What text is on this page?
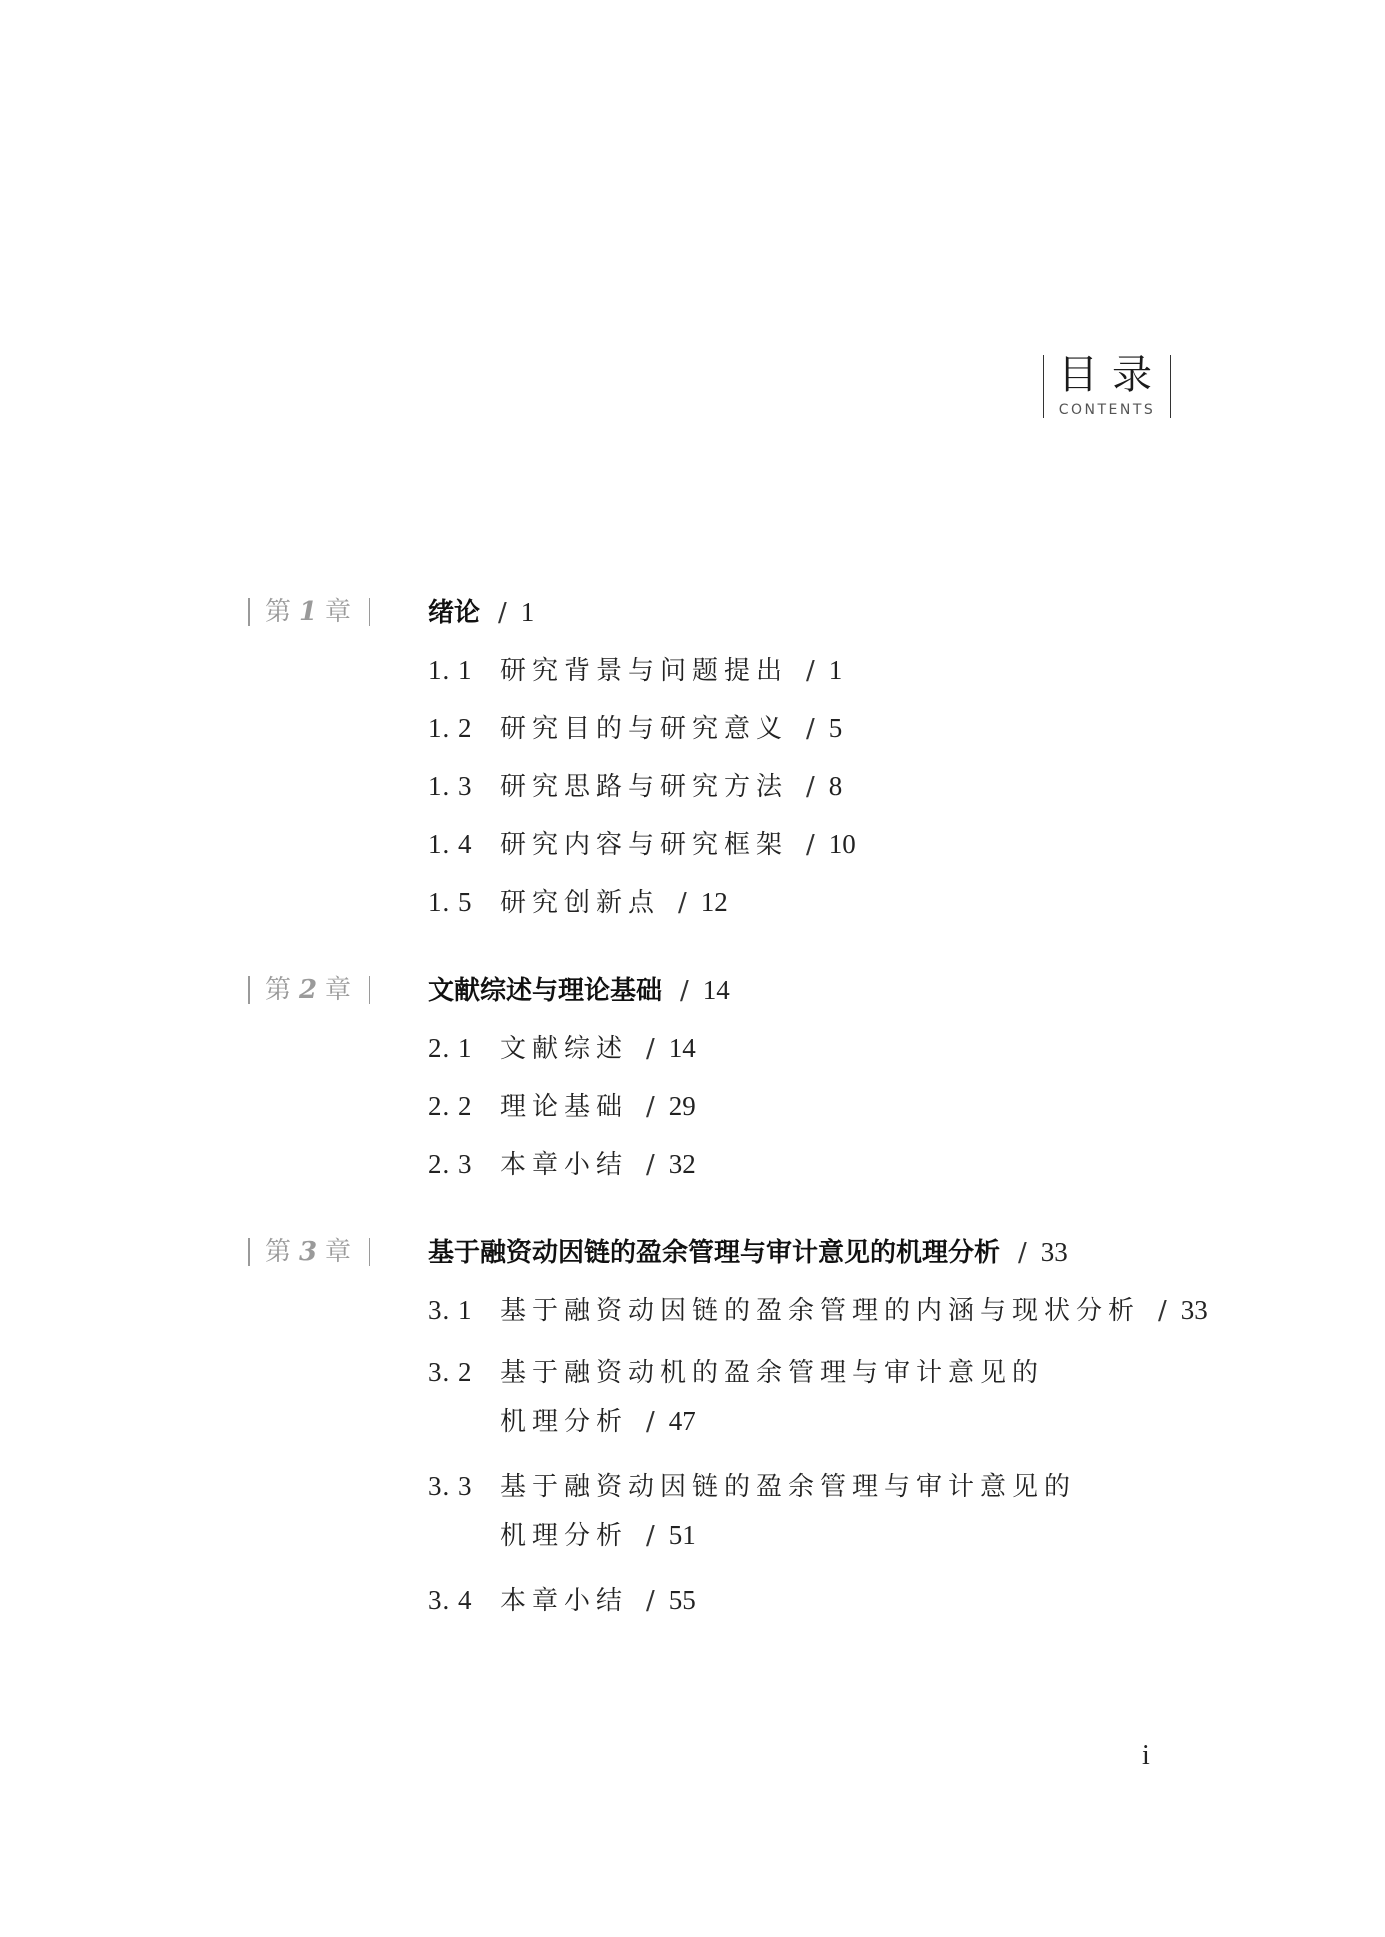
目录
CONTENTS
第 1 章	绪论 / 1
1. 1 研究背景与问题提出 / 1
1. 2 研究目的与研究意义 / 5
1. 3 研究思路与研究方法 / 8
1. 4 研究内容与研究框架 / 10
1. 5 研究创新点 / 12
第 2 章	文献综述与理论基础 / 14
2. 1 文献综述 / 14
2. 2 理论基础 / 29
2. 3 本章小结 / 32
第 3 章	基于融资动因链的盈余管理与审计意见的机理分析 / 33
3. 1 基于融资动因链的盈余管理的内涵与现状分析 / 33
3. 2 基于融资动机的盈余管理与审计意见的
机理分析 / 47
3. 3 基于融资动因链的盈余管理与审计意见的
机理分析 / 51
3. 4 本章小结 / 55
i
